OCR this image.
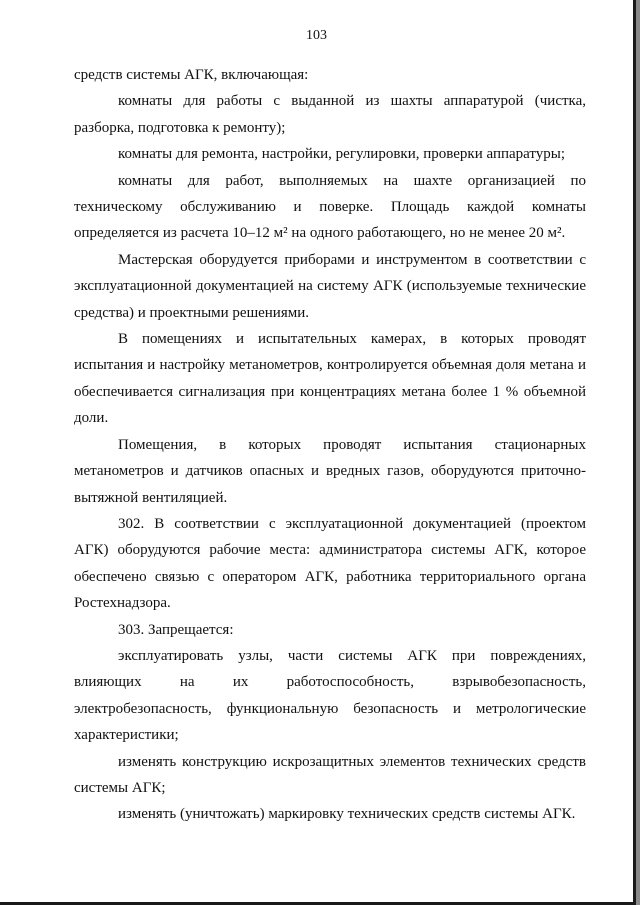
103

средств системы АГК, включающая:

комнаты для работы с выданной из шахты аппаратурой (чистка, разборка, подготовка к ремонту);

комнаты для ремонта, настройки, регулировки, проверки аппаратуры;

комнаты для работ, выполняемых на шахте организацией по техническому обслуживанию и поверке. Площадь каждой комнаты определяется из расчета 10–12 м² на одного работающего, но не менее 20 м².

Мастерская оборудуется приборами и инструментом в соответствии с эксплуатационной документацией на систему АГК (используемые технические средства) и проектными решениями.

В помещениях и испытательных камерах, в которых проводят испытания и настройку метанометров, контролируется объемная доля метана и обеспечивается сигнализация при концентрациях метана более 1 % объемной доли.

Помещения, в которых проводят испытания стационарных метанометров и датчиков опасных и вредных газов, оборудуются приточно-вытяжной вентиляцией.

302. В соответствии с эксплуатационной документацией (проектом АГК) оборудуются рабочие места: администратора системы АГК, которое обеспечено связью с оператором АГК, работника территориального органа Ростехнадзора.

303. Запрещается:

эксплуатировать узлы, части системы АГК при повреждениях, влияющих на их работоспособность, взрывобезопасность, электробезопасность, функциональную безопасность и метрологические характеристики;

изменять конструкцию искрозащитных элементов технических средств системы АГК;

изменять (уничтожать) маркировку технических средств системы АГК.
